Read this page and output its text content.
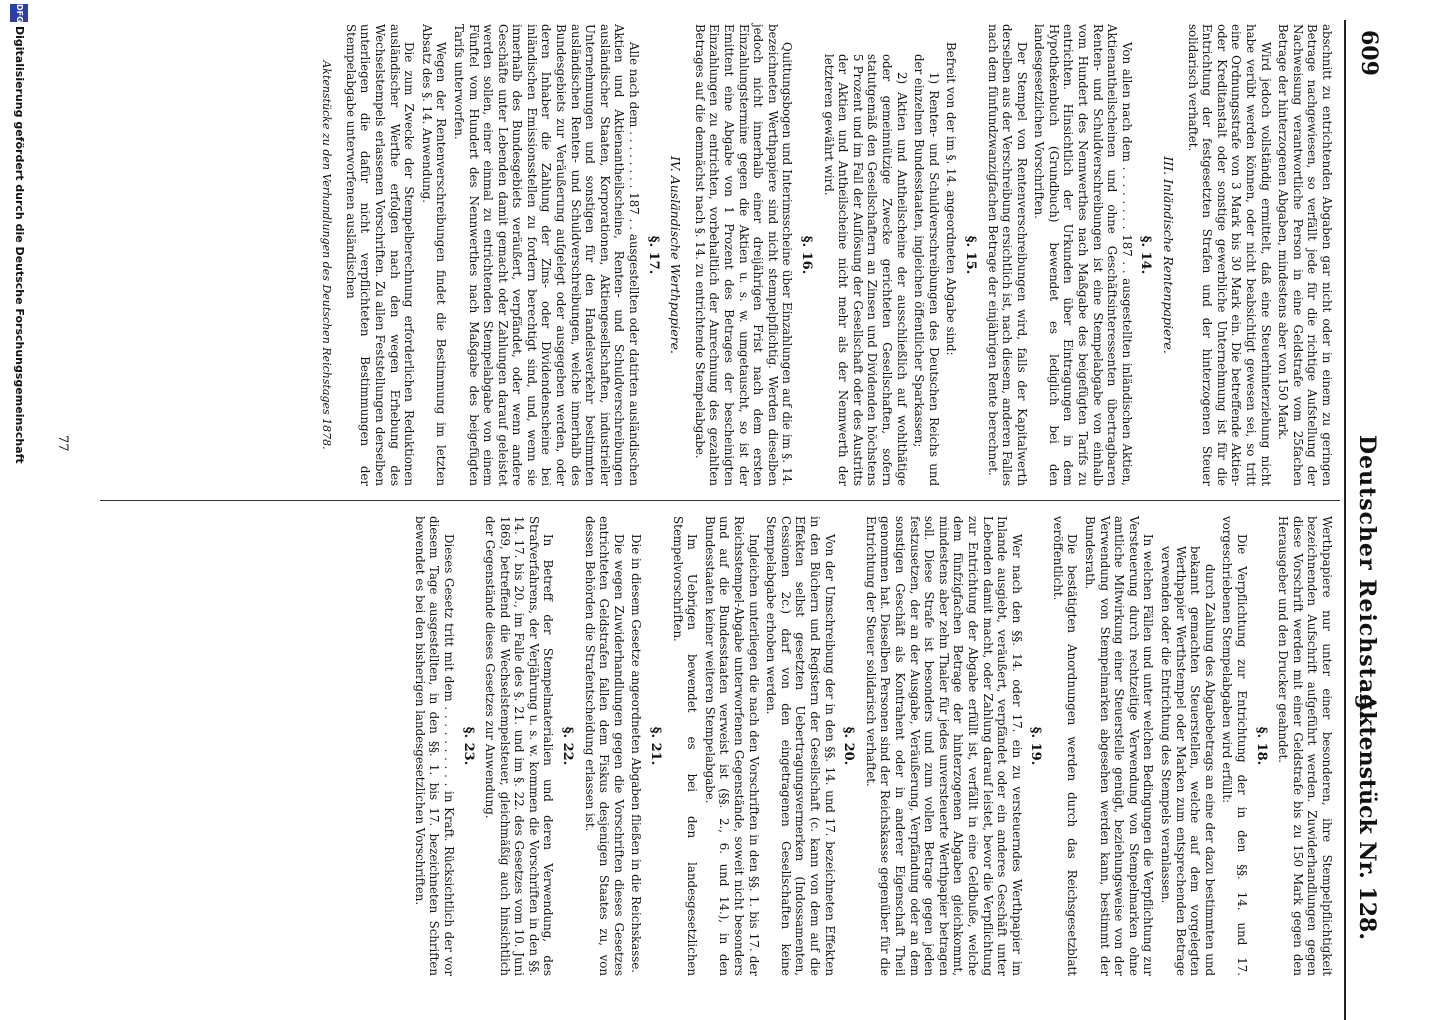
609
Deutscher Reichstag.
Aktenstück Nr. 128.

abschnitt zu entrichtenden Abgaben gar nicht oder in einem zu geringen Betrage nachgewiesen, so verfällt jede für die richtige Aufstellung der Nachweisung verantwortliche Person in eine Geldstrafe vom 25fachen Betrage der hinterzogenen Abgaben, mindestens aber von 150 Mark.

Wird jedoch vollständig ermittelt, daß eine Steuerhinterziehung nicht habe verübt werden können, oder nicht beabsichtigt gewesen sei, so tritt eine Ordnungsstrafe von 3 Mark bis 30 Mark ein. Die betreffende Aktien- oder Kreditanstalt oder sonstige gewerbliche Unternehmung ist für die Entrichtung der festgesetzten Strafen und der hinterzogenen Steuer solidarisch verhaftet.

III. Inländische Rentenpapiere.
§. 14.

Von allen nach dem . . . . . . . . 187 . . ausgestellten inländischen Aktien, Aktienantheilscheinen und ohne Geschäftsinteressenten übertragbaren Renten- und Schuldverschreibungen ist eine Stempelabgabe von einhalb vom Hundert des Nennwerthes nach Maßgabe des beigefügten Tarifs zu entrichten. Hinsichtlich der Urkunden über Eintragungen in dem Hypothekenbuch (Grundbuch) bewendet es lediglich bei den landesgesetzlichen Vorschriften.

Der Stempel von Rentenverschreibungen wird, falls der Kapitalwerth derselben aus der Verschreibung ersichtlich ist, nach diesem, anderen Falles nach dem fünfundzwanzigfachen Betrage der einjährigen Rente berechnet.

§. 15.

Befreit von der im §. 14. angeordneten Abgabe sind:

1) Renten- und Schuldverschreibungen des Deutschen Reichs und der einzelnen Bundesstaaten, ingleichen öffentlicher Sparkassen;

2) Aktien und Antheilscheine der ausschließlich auf wohlthätige oder gemeinnützige Zwecke gerichteten Gesellschaften, sofern statutgemäß den Gesellschaftern an Zinsen und Dividenden höchstens 5 Prozent und im Fall der Auflösung der Gesellschaft oder des Austritts der Aktien und Antheilscheine nicht mehr als der Nennwerth der letzteren gewährt wird.

§. 16.

Quittungsbogen und Interimsscheine über Einzahlungen auf die im §. 14. bezeichneten Werthpapiere sind nicht stempelpflichtig. Werden dieselben jedoch nicht innerhalb einer dreijährigen Frist nach dem ersten Einzahlungstermine gegen die Aktien u. s. w. umgetauscht, so ist der Emittent eine Abgabe von 1 Prozent des Betrages der bescheinigten Einzahlungen zu entrichten, vorbehaltlich der Anrechnung des gezahlten Betrages auf die demnächst nach §. 14. zu entrichtende Stempelabgabe.

IV. Ausländische Werthpapiere.
§. 17.

Alle nach dem . . . . . . . . 187 . . ausgestellten oder datirten ausländischen Aktien und Aktienantheilscheine, Renten- und Schuldverschreibungen ausländischer Staaten, Korporationen, Aktiengesellschaften, industrieller Unternehmungen und sonstigen für den Handelsverkehr bestimmten ausländischen Renten- und Schuldverschreibungen, welche innerhalb des Bundesgebiets zur Veräußerung aufgelegt oder ausgegeben werden, oder deren Inhaber die Zahlung der Zins- oder Dividendenscheine bei inländischen Emissionsstellen zu fordern berechtigt sind, und, wenn sie innerhalb des Bundesgebiets veräußert, verpfändet, oder wenn andere Geschäfte unter Lebenden damit gemacht oder Zahlungen darauf geleistet werden sollen, einer einmal zu entrichtenden Stempelabgabe von einem Fünftel vom Hundert des Nennwerthes nach Maßgabe des beigefügten Tarifs unterworfen.

Wegen der Rentenverschreibungen findet die Bestimmung im letzten Absatz des §. 14. Anwendung.

Die zum Zwecke der Stempelberechnung erforderlichen Reduktionen ausländischer Werthe erfolgen nach den wegen Erhebung des Wechselstempels erlassenen Vorschriften. Zu allen Feststellungen derselben unterliegen die dafür nicht verpflichteten Bestimmungen der Stempelabgabe unterworfenen ausländischen

Aktenstücke zu den Verhandlungen des Deutschen Reichstages 1878.

Werthpapiere nur unter einer besonderen, ihre Stempelpflichtigkeit bezeichnenden Aufschrift aufgeführt werden. Zuwiderhandlungen gegen diese Vorschrift werden mit einer Geldstrafe bis zu 150 Mark gegen den Herausgeber und den Drucker geahndet.

§. 18.

Die Verpflichtung zur Entrichtung der in den §§. 14. und 17. vorgeschriebenen Stempelabgaben wird erfüllt:

durch Zahlung des Abgabebetrags an eine der dazu bestimmten und bekannt gemachten Steuerstellen, welche auf dem vorgelegten Werthpapier Werthstempel oder Marken zum entsprechenden Betrage verwenden oder die Entrichtung des Stempels veranlassen.

In welchen Fällen und unter welchen Bedingungen die Verpflichtung zur Versteuerung durch rechtzeitige Verwendung von Stempelmarken ohne amtliche Mitwirkung einer Steuerstelle genügt, beziehungsweise von der Verwendung von Stempelmarken abgesehen werden kann, bestimmt der Bundesrath.

Die bestätigten Anordnungen werden durch das Reichsgesetzblatt veröffentlicht.

§. 19.

Wer nach den §§. 14. oder 17. ein zu versteuerndes Werthpapier im Inlande ausgiebt, veräußert, verpfändet oder ein anderes Geschäft unter Lebenden damit macht, oder Zahlung darauf leistet, bevor die Verpflichtung zur Entrichtung der Abgabe erfüllt ist, verfällt in eine Geldbuße, welche dem fünfzigfachen Betrage der hinterzogenen Abgaben gleichkommt, mindestens aber zehn Thaler für jedes unversteuerte Werthpapier betragen soll. Diese Strafe ist besonders und zum vollen Betrage gegen jeden festzusetzen, der an der Ausgabe, Veräußerung, Verpfändung oder an dem sonstigen Geschäft als Kontrahent oder in anderer Eigenschaft Theil genommen hat. Dieselben Personen sind der Reichskasse gegenüber für die Entrichtung der Steuer solidarisch verhaftet.

§. 20.

Von der Umschreibung der in den §§. 14. und 17. bezeichneten Effekten in den Büchern und Registern der Gesellschaft (c. kann von dem auf die Effekten selbst gesetzten Uebertragungsvermerken (Indossamenten, Cessionen 2c.) darf von den eingetragenen Gesellschaften keine Stempelabgabe erhoben werden.

Ingleichen unterliegen die nach den Vorschriften in den §§. 1. bis 17. der Reichsstempel-Abgabe unterworfenen Gegenstände, soweit nicht besonders und auf die Bundesstaaten verweist ist (§§. 2., 6. und 14.), in den Bundesstaaten keiner weiteren Stempelabgabe.

Im Uebrigen bewendet es bei den landesgesetzlichen Stempelvorschriften.

§. 21.

Die in diesem Gesetze angeordneten Abgaben fließen in die Reichskasse.

Die wegen Zuwiderhandlungen gegen die Vorschriften dieses Gesetzes entrichteten Geldstrafen fallen dem Fiskus desjenigen Staates zu, von dessen Behörden die Strafentscheidung erlassen ist.

§. 22.

In Betreff der Stempelmaterialien und deren Verwendung, des Strafverfahrens, der Verjährung u. s. w. kommen die Vorschriften in den §§. 14. 17. bis 20., im Falle des §. 21. und im §. 22. des Gesetzes vom 10. Juni 1869, betreffend die Wechselstempelsteuer, gleichmäßig auch hinsichtlich der Gegenstände dieses Gesetzes zur Anwendung.

§. 23.

Dieses Gesetz tritt mit dem . . . . . . . . . . in Kraft. Rücksichtlich der vor diesem Tage ausgestellten, in den §§. 1. bis 17. bezeichneten Schriften bewendet es bei den bisherigen landesgesetzlichen Vorschriften.

77
DFG
Digitalisierung gefördert durch die Deutsche Forschungsgemeinschaft
